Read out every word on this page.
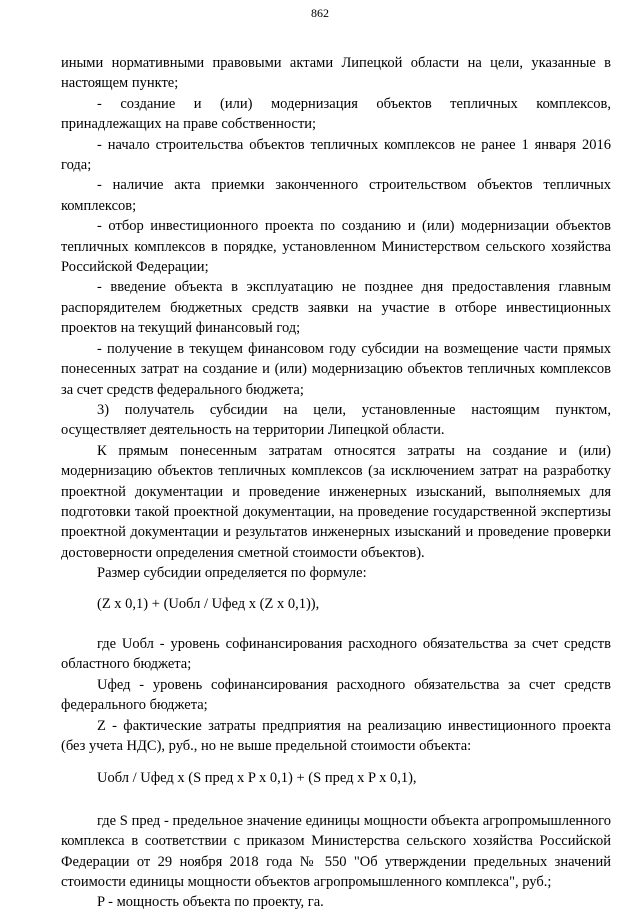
862

иными нормативными правовыми актами Липецкой области на цели, указанные в настоящем пункте;

- создание и (или) модернизация объектов тепличных комплексов, принадлежащих на праве собственности;

- начало строительства объектов тепличных комплексов не ранее 1 января 2016 года;

- наличие акта приемки законченного строительством объектов тепличных комплексов;

- отбор инвестиционного проекта по созданию и (или) модернизации объектов тепличных комплексов в порядке, установленном Министерством сельского хозяйства Российской Федерации;

- введение объекта в эксплуатацию не позднее дня предоставления главным распорядителем бюджетных средств заявки на участие в отборе инвестиционных проектов на текущий финансовый год;

- получение в текущем финансовом году субсидии на возмещение части прямых понесенных затрат на создание и (или) модернизацию объектов тепличных комплексов за счет средств федерального бюджета;

3) получатель субсидии на цели, установленные настоящим пунктом, осуществляет деятельность на территории Липецкой области.

К прямым понесенным затратам относятся затраты на создание и (или) модернизацию объектов тепличных комплексов (за исключением затрат на разработку проектной документации и проведение инженерных изысканий, выполняемых для подготовки такой проектной документации, на проведение государственной экспертизы проектной документации и результатов инженерных изысканий и проведение проверки достоверности определения сметной стоимости объектов).

Размер субсидии определяется по формуле:

(Z x 0,1) + (Uобл / Uфед x (Z x 0,1)),

где Uобл - уровень софинансирования расходного обязательства за счет средств областного бюджета;

Uфед - уровень софинансирования расходного обязательства за счет средств федерального бюджета;

Z - фактические затраты предприятия на реализацию инвестиционного проекта (без учета НДС), руб., но не выше предельной стоимости объекта:

Uобл / Uфед x (S пред x P x 0,1) + (S пред x P x 0,1),

где S пред - предельное значение единицы мощности объекта агропромышленного комплекса в соответствии с приказом Министерства сельского хозяйства Российской Федерации от 29 ноября 2018 года № 550 "Об утверждении предельных значений стоимости единицы мощности объектов агропромышленного комплекса", руб.;

P - мощность объекта по проекту, га.
